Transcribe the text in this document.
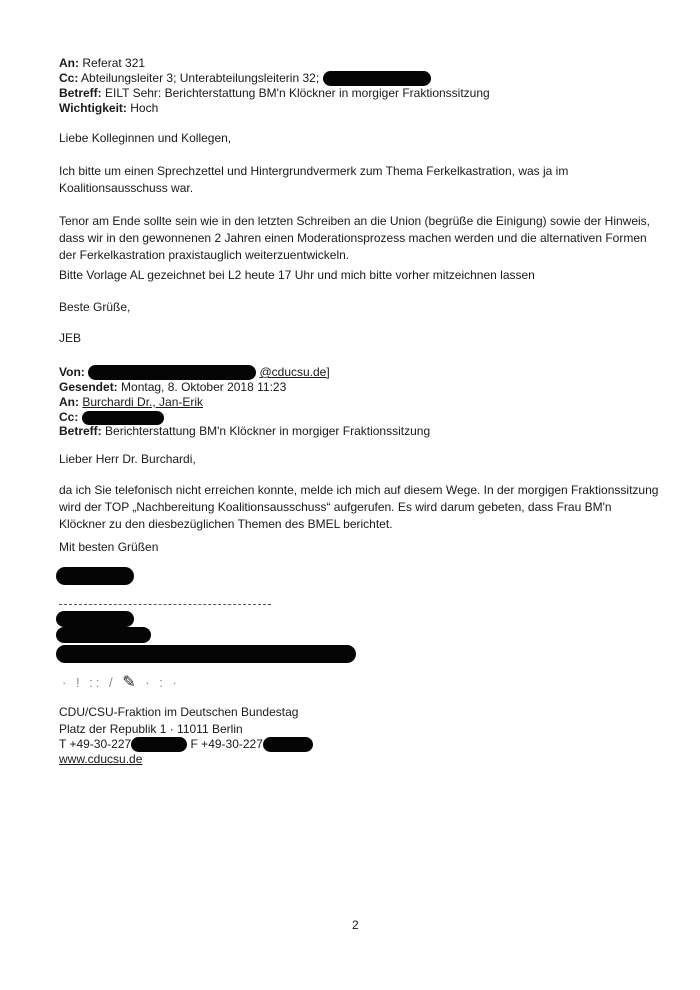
An: Referat 321
Cc: Abteilungsleiter 3; Unterabteilungsleiterin 32;
Betreff: EILT Sehr: Berichterstattung BM'n Klöckner in morgiger Fraktionssitzung
Wichtigkeit: Hoch
Liebe Kolleginnen und Kollegen,
Ich bitte um einen Sprechzettel und Hintergrundvermerk zum Thema Ferkelkastration, was ja im Koalitionsausschuss war.
Tenor am Ende sollte sein wie in den letzten Schreiben an die Union (begrüße die Einigung) sowie der Hinweis, dass wir in den gewonnenen 2 Jahren einen Moderationsprozess machen werden und die alternativen Formen der Ferkelkastration praxistauglich weiterzuentwickeln.
Bitte Vorlage AL gezeichnet bei L2 heute 17 Uhr und mich bitte vorher mitzeichnen lassen
Beste Grüße,
JEB
Von:	@cducsu.de]
Gesendet: Montag, 8. Oktober 2018 11:23
An: Burchardi Dr., Jan-Erik
Cc:
Betreff: Berichterstattung BM'n Klöckner in morgiger Fraktionssitzung
Lieber Herr Dr. Burchardi,
da ich Sie telefonisch nicht erreichen konnte, melde ich mich auf diesem Wege. In der morgigen Fraktionssitzung wird der TOP „Nachbereitung Koalitionsausschuss“ aufgerufen. Es wird darum gebeten, dass Frau BM'n Klöckner zu den diesbezüglichen Themen des BMEL berichtet.
Mit besten Grüßen
· ! :: / ✎ · : ·
CDU/CSU-Fraktion im Deutschen Bundestag
Platz der Republik 1 · 11011 Berlin
T +49-30-227	F +49-30-227
www.cducsu.de
2
